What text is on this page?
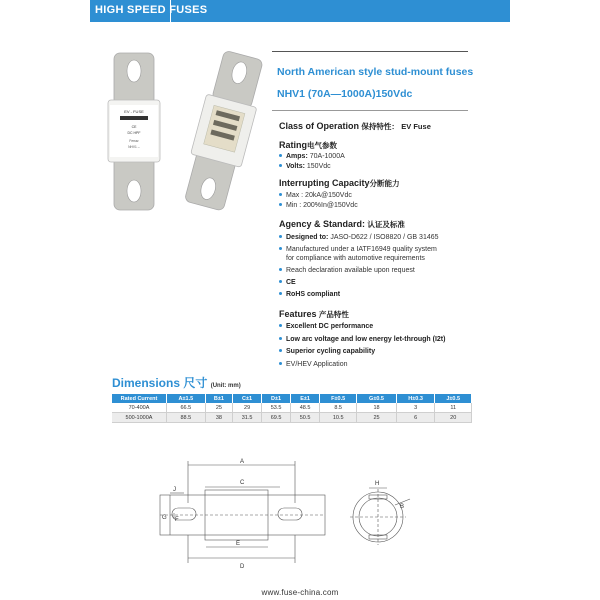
HIGH SPEED FUSES
EV - FUSE
CE
DC HPF
Ferraz
NHV1 --
North American style stud-mount fuses
NHV1 (70A—1000A)150Vdc
Class of Operation 保持特性： EV Fuse
Rating电气参数
Amps: 70A-1000A
Volts: 150Vdc
Interrupting Capacity分断能力
Max : 20kA@150Vdc
Min : 200%In@150Vdc
Agency & Standard: 认证及标准
Designed to: JASO-D622 / ISO8820 / GB 31465
Manufactured under a IATF16949 quality system
for compliance with automotive requirements
Reach declaration available upon request
CE
RoHS compliant
Features 产品特性
Excellent DC performance
Low arc voltage and low energy let-through (I2t)
Superior cycling capability
EV/HEV Application
Dimensions 尺寸 (Unit: mm)
Rated Current	A±1.5	B±1	C±1	D±1	E±1	F±0.5	G±0.5	H±0.3	J±0.5
70-400A	66.5	25	29	53.5	48.5	8.5	18	3	11
500-1000A	88.5	38	31.5	69.5	50.5	10.5	25	6	20
A
C
J
G F
E
D
H
B
www.fuse-china.com
